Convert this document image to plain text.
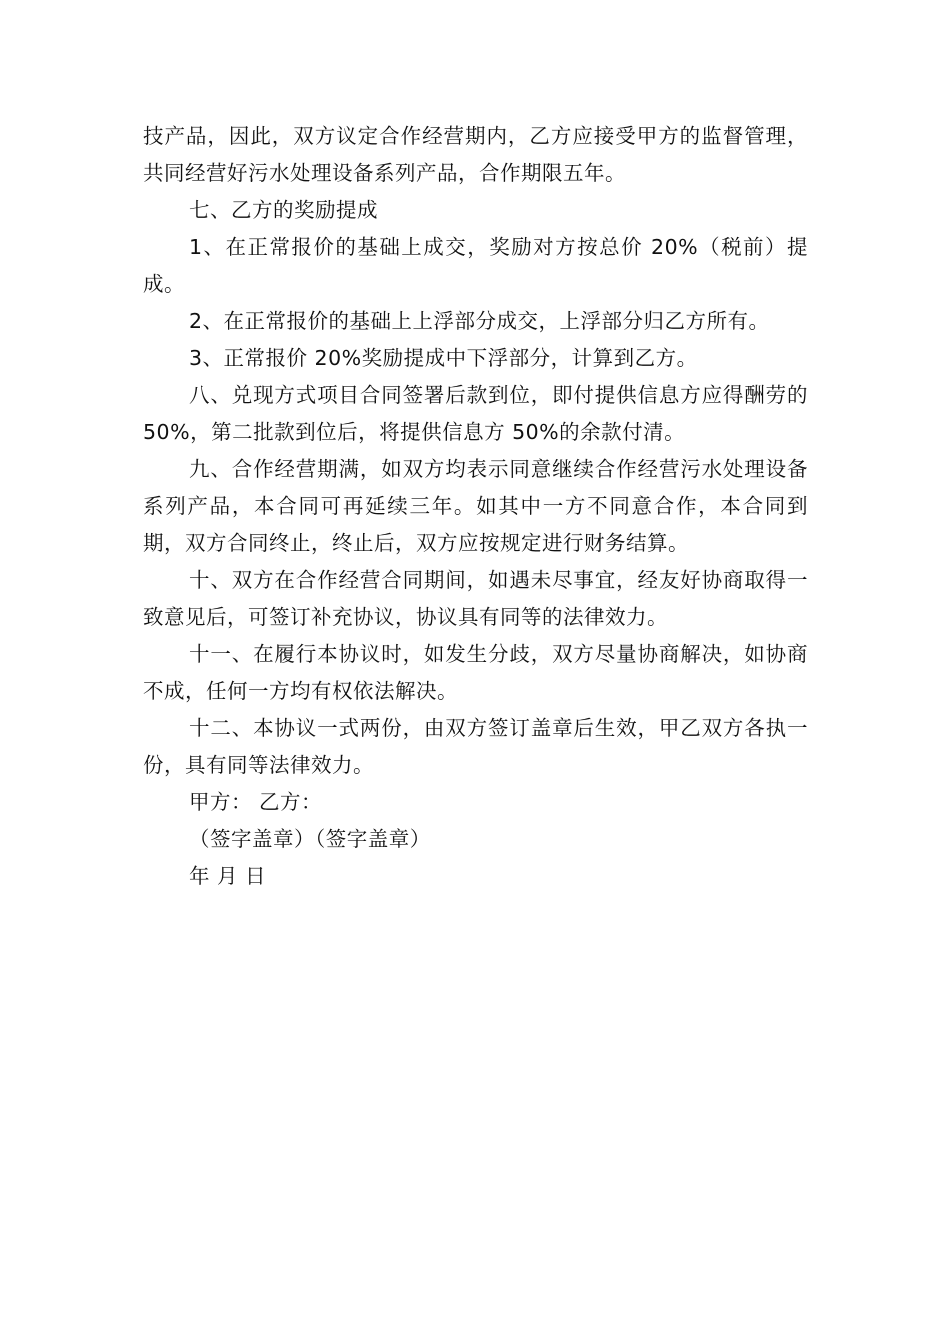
技产品，因此，双方议定合作经营期内，乙方应接受甲方的监督管理，共同经营好污水处理设备系列产品，合作期限五年。

七、乙方的奖励提成

1、在正常报价的基础上成交，奖励对方按总价 20%（税前）提成。

2、在正常报价的基础上上浮部分成交，上浮部分归乙方所有。

3、正常报价 20%奖励提成中下浮部分，计算到乙方。

八、兑现方式项目合同签署后款到位，即付提供信息方应得酬劳的 50%，第二批款到位后，将提供信息方 50%的余款付清。

九、合作经营期满，如双方均表示同意继续合作经营污水处理设备系列产品，本合同可再延续三年。如其中一方不同意合作，本合同到期，双方合同终止，终止后，双方应按规定进行财务结算。

十、双方在合作经营合同期间，如遇未尽事宜，经友好协商取得一致意见后，可签订补充协议，协议具有同等的法律效力。

十一、在履行本协议时，如发生分歧，双方尽量协商解决，如协商不成，任何一方均有权依法解决。

十二、本协议一式两份，由双方签订盖章后生效，甲乙双方各执一份，具有同等法律效力。

甲方： 乙方：

（签字盖章）（签字盖章）

年 月 日
